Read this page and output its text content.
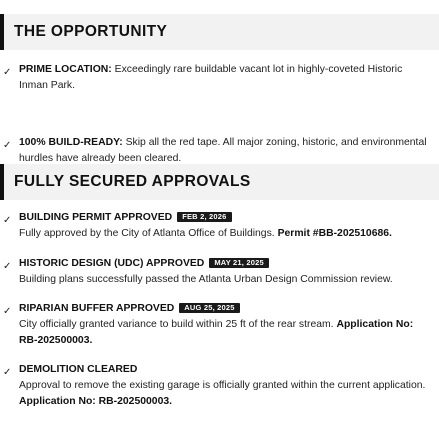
THE OPPORTUNITY
✓ PRIME LOCATION: Exceedingly rare buildable vacant lot in highly-coveted Historic Inman Park.
✓ 100% BUILD-READY: Skip all the red tape. All major zoning, historic, and environmental hurdles have already been cleared.
FULLY SECURED APPROVALS
✓ BUILDING PERMIT APPROVED FEB 2, 2026
Fully approved by the City of Atlanta Office of Buildings. Permit #BB-202510686.
✓ HISTORIC DESIGN (UDC) APPROVED MAY 21, 2025
Building plans successfully passed the Atlanta Urban Design Commission review.
✓ RIPARIAN BUFFER APPROVED AUG 25, 2025
City officially granted variance to build within 25 ft of the rear stream. Application No: RB-202500003.
✓ DEMOLITION CLEARED
Approval to remove the existing garage is officially granted within the current application. Application No: RB-202500003.
